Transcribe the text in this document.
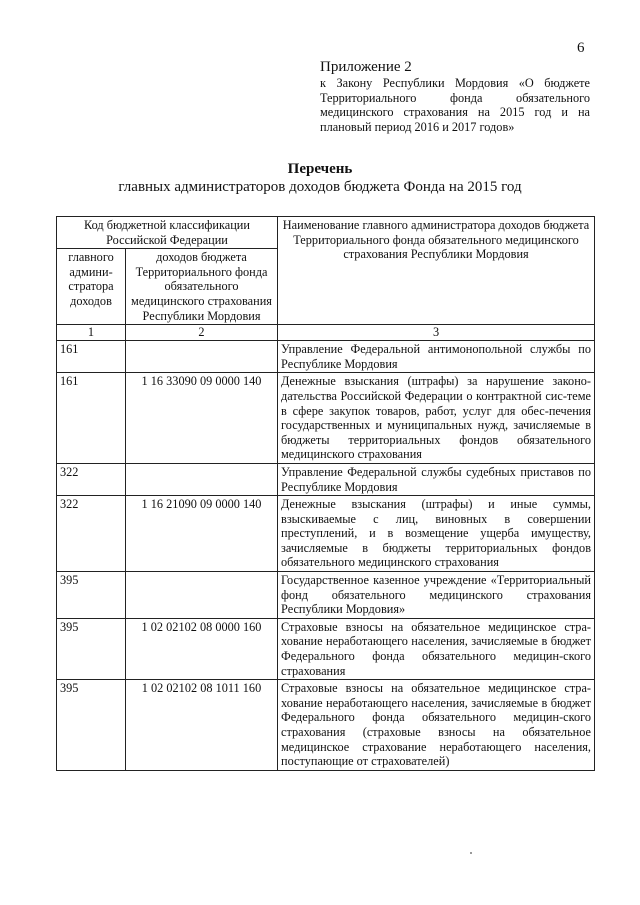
6
Приложение 2
к Закону Республики Мордовия «О бюджете Территориального фонда обязательного медицинского страхования на 2015 год и на плановый период 2016 и 2017 годов»
Перечень
главных администраторов доходов бюджета Фонда на 2015 год
Код бюджетной классификации Российской Федерации		Наименование главного администратора доходов бюджета Территориального фонда обязательного медицинского страхования Республики Мордовия
главного админи-стратора доходов	доходов бюджета Территориального фонда обязательного медицинского страхования Республики Мордовия	
1	2	3
161		Управление Федеральной антимонопольной службы по Республике Мордовия
161	1 16 33090 09 0000 140	Денежные взыскания (штрафы) за нарушение законо-дательства Российской Федерации о контрактной сис-теме в сфере закупок товаров, работ, услуг для обес-печения государственных и муниципальных нужд, зачисляемые в бюджеты территориальных фондов обязательного медицинского страхования
322		Управление Федеральной службы судебных приставов по Республике Мордовия
322	1 16 21090 09 0000 140	Денежные взыскания (штрафы) и иные суммы, взыскиваемые с лиц, виновных в совершении преступлений, и в возмещение ущерба имуществу, зачисляемые в бюджеты территориальных фондов обязательного медицинского страхования
395		Государственное казенное учреждение «Территориальный фонд обязательного медицинского страхования Республики Мордовия»
395	1 02 02102 08 0000 160	Страховые взносы на обязательное медицинское стра-хование неработающего населения, зачисляемые в бюджет Федерального фонда обязательного медицин-ского страхования
395	1 02 02102 08 1011 160	Страховые взносы на обязательное медицинское стра-хование неработающего населения, зачисляемые в бюджет Федерального фонда обязательного медицин-ского страхования (страховые взносы на обязательное медицинское страхование неработающего населения, поступающие от страхователей)
